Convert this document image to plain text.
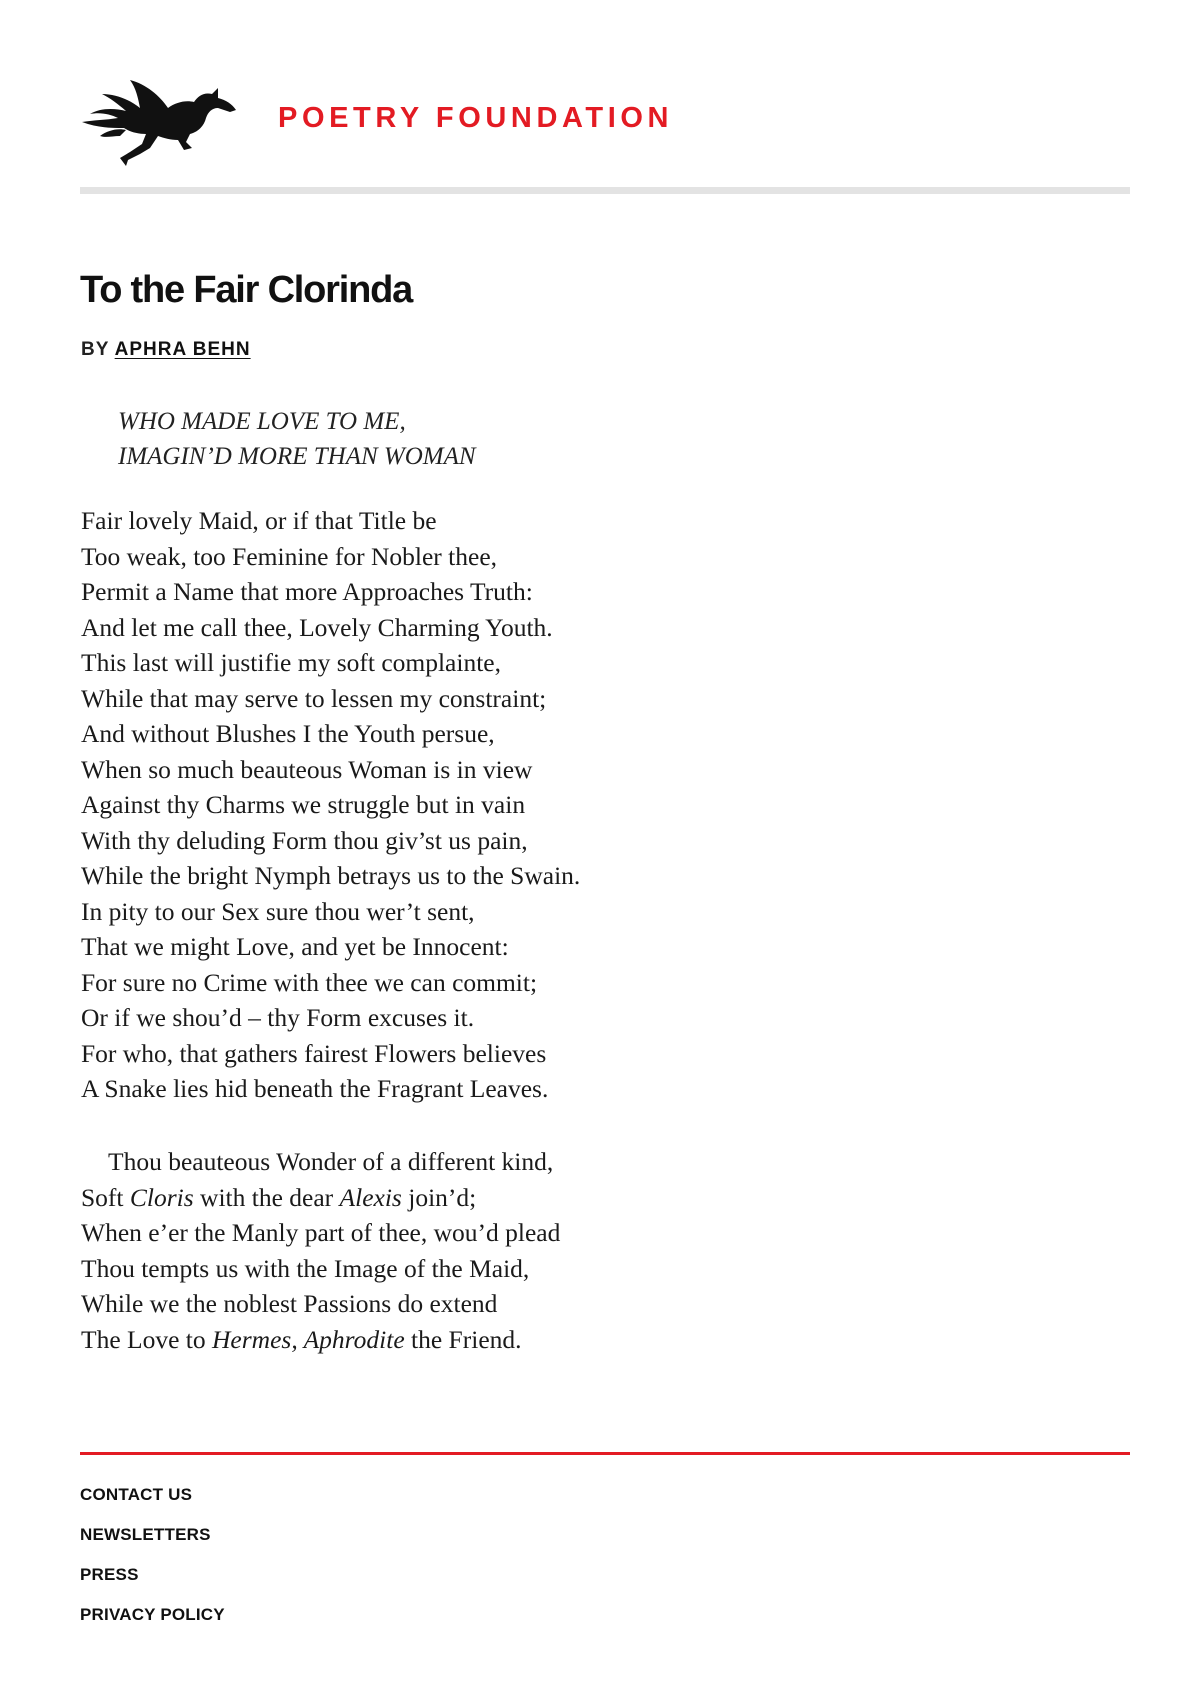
POETRY FOUNDATION
To the Fair Clorinda
BY APHRA BEHN
WHO MADE LOVE TO ME,
IMAGIN’D MORE THAN WOMAN
Fair lovely Maid, or if that Title be
Too weak, too Feminine for Nobler thee,
Permit a Name that more Approaches Truth:
And let me call thee, Lovely Charming Youth.
This last will justifie my soft complainte,
While that may serve to lessen my constraint;
And without Blushes I the Youth persue,
When so much beauteous Woman is in view
Against thy Charms we struggle but in vain
With thy deluding Form thou giv’st us pain,
While the bright Nymph betrays us to the Swain.
In pity to our Sex sure thou wer’t sent,
That we might Love, and yet be Innocent:
For sure no Crime with thee we can commit;
Or if we shou’d – thy Form excuses it.
For who, that gathers fairest Flowers believes
A Snake lies hid beneath the Fragrant Leaves.
Thou beauteous Wonder of a different kind,
Soft Cloris with the dear Alexis join’d;
When e’er the Manly part of thee, wou’d plead
Thou tempts us with the Image of the Maid,
While we the noblest Passions do extend
The Love to Hermes, Aphrodite the Friend.
CONTACT US
NEWSLETTERS
PRESS
PRIVACY POLICY
